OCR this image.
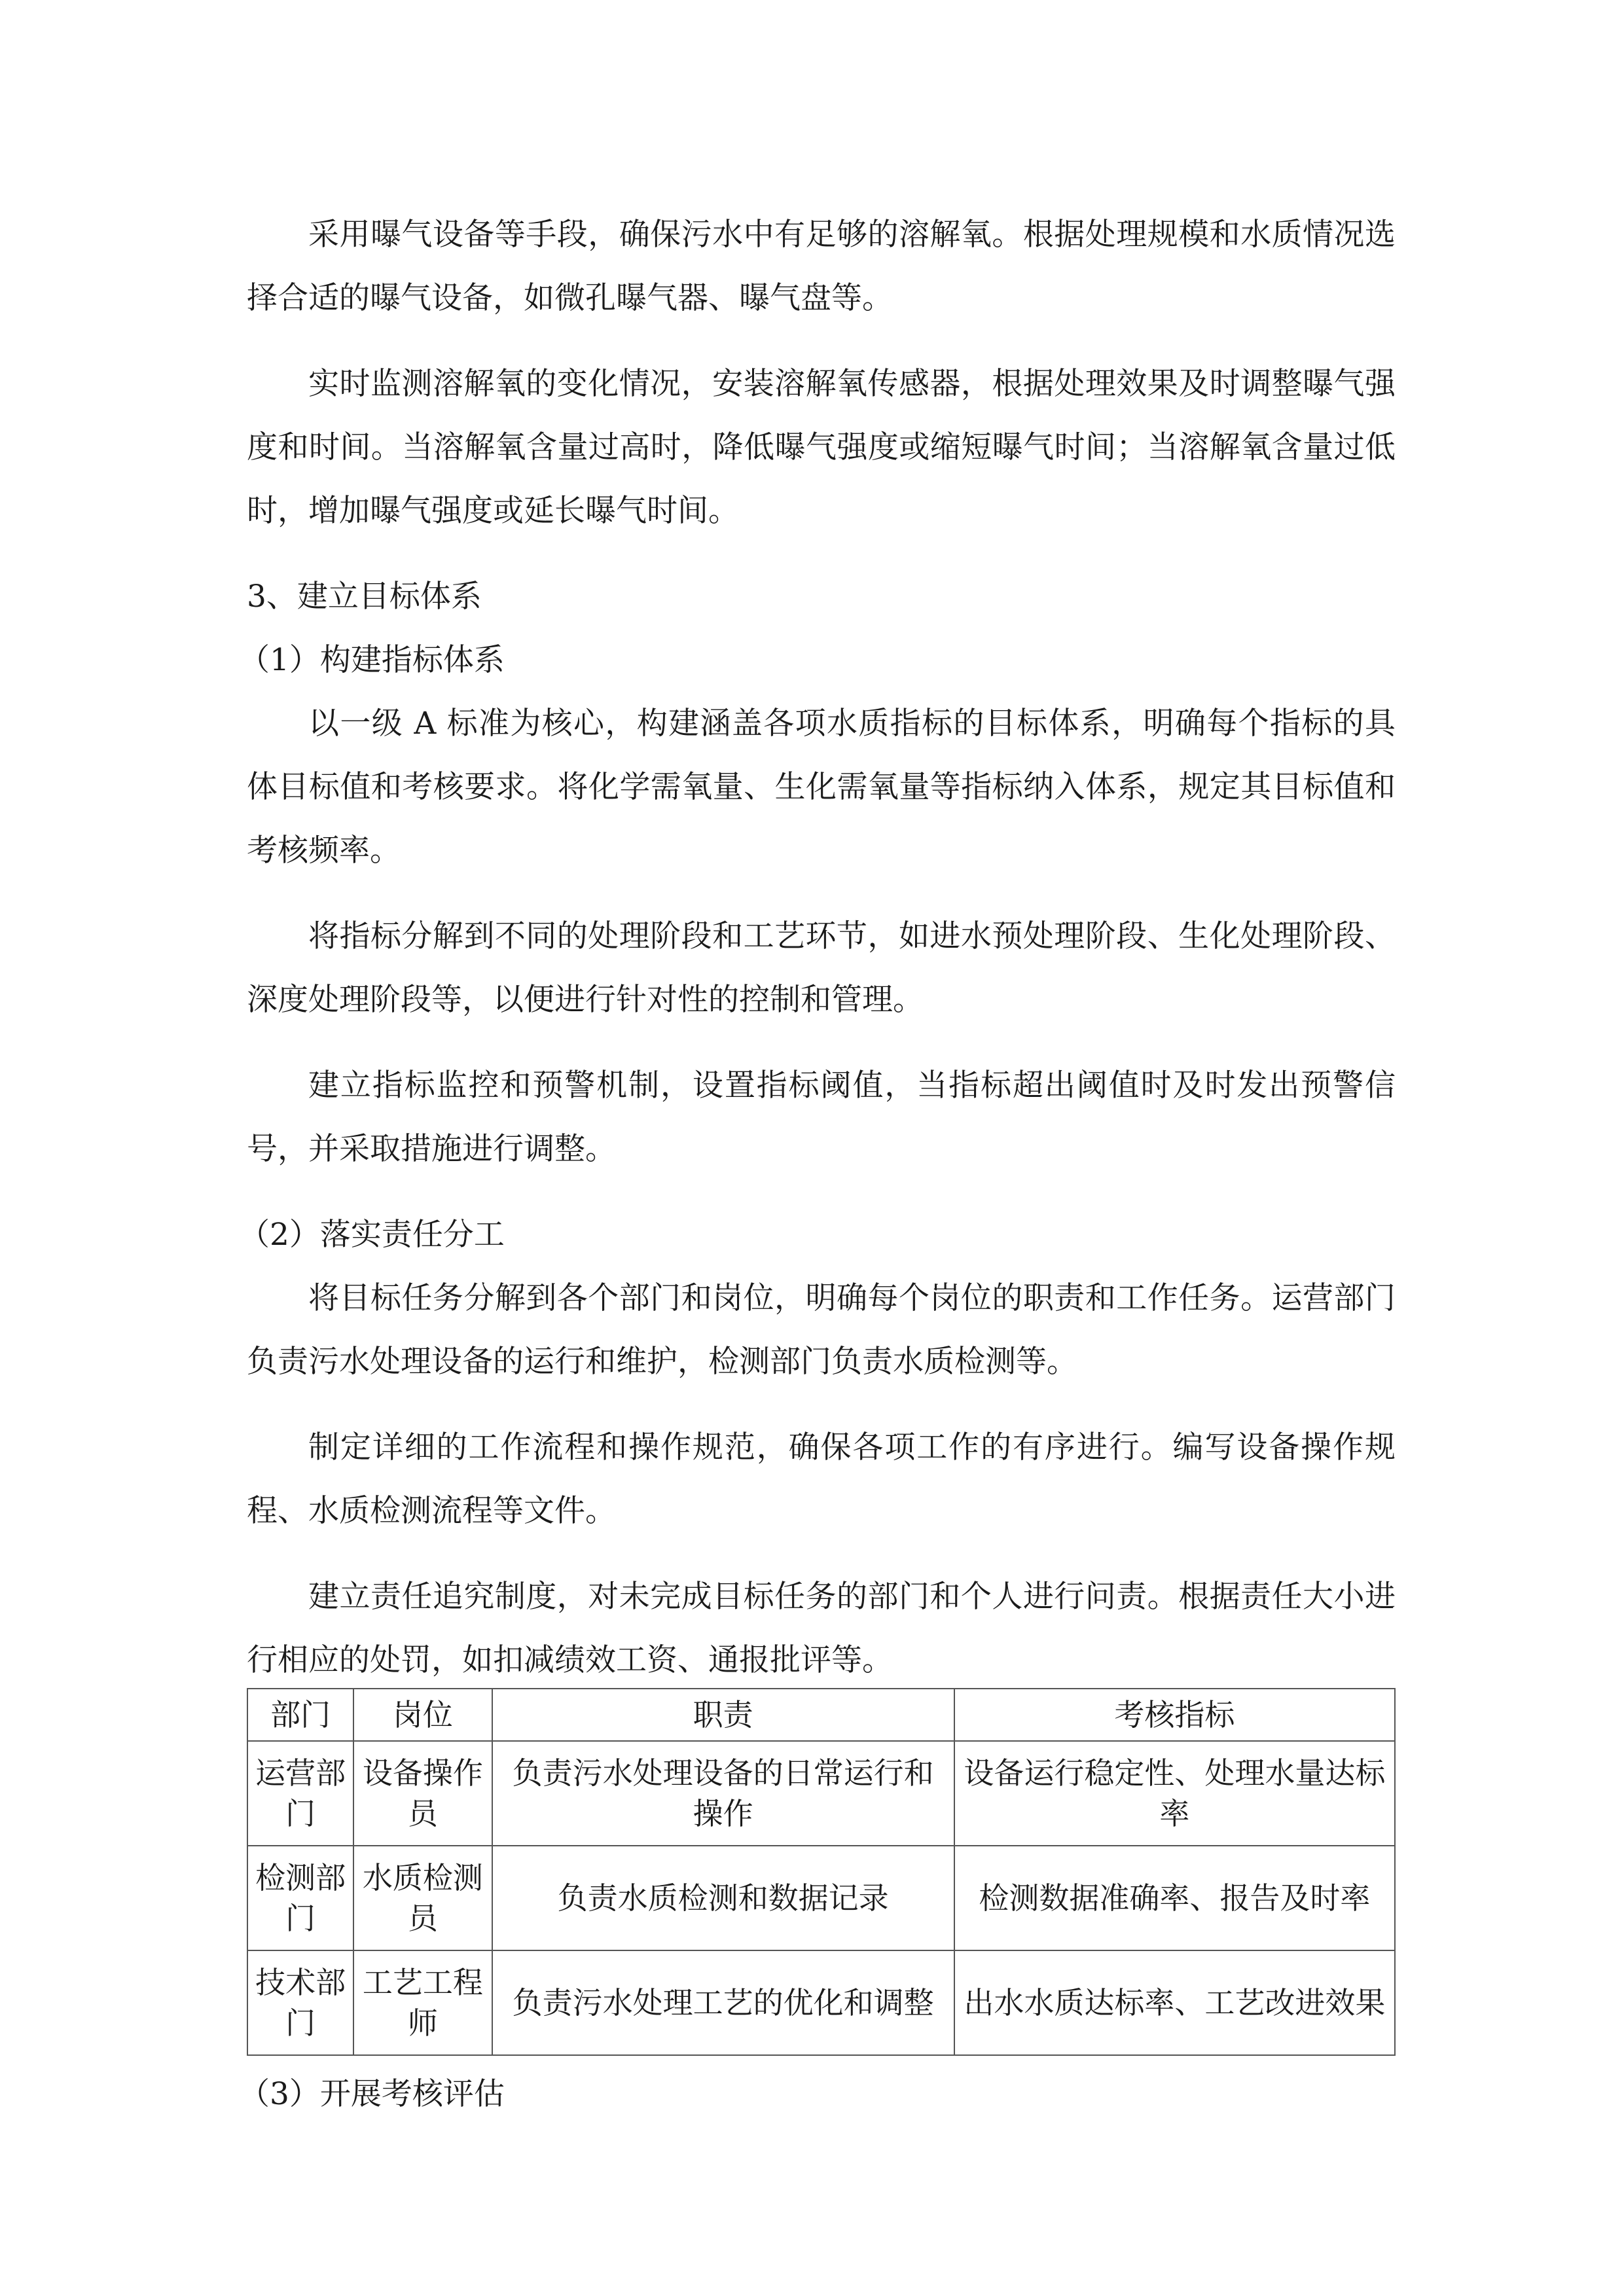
采用曝气设备等手段，确保污水中有足够的溶解氧。根据处理规模和水质情况选择合适的曝气设备，如微孔曝气器、曝气盘等。

实时监测溶解氧的变化情况，安装溶解氧传感器，根据处理效果及时调整曝气强度和时间。当溶解氧含量过高时，降低曝气强度或缩短曝气时间；当溶解氧含量过低时，增加曝气强度或延长曝气时间。

3、建立目标体系

（1）构建指标体系

以一级 A 标准为核心，构建涵盖各项水质指标的目标体系，明确每个指标的具体目标值和考核要求。将化学需氧量、生化需氧量等指标纳入体系，规定其目标值和考核频率。

将指标分解到不同的处理阶段和工艺环节，如进水预处理阶段、生化处理阶段、深度处理阶段等，以便进行针对性的控制和管理。

建立指标监控和预警机制，设置指标阈值，当指标超出阈值时及时发出预警信号，并采取措施进行调整。

（2）落实责任分工

将目标任务分解到各个部门和岗位，明确每个岗位的职责和工作任务。运营部门负责污水处理设备的运行和维护，检测部门负责水质检测等。

制定详细的工作流程和操作规范，确保各项工作的有序进行。编写设备操作规程、水质检测流程等文件。

建立责任追究制度，对未完成目标任务的部门和个人进行问责。根据责任大小进行相应的处罚，如扣减绩效工资、通报批评等。

部门	岗位	职责	考核指标
运营部门	设备操作员	负责污水处理设备的日常运行和操作	设备运行稳定性、处理水量达标率
检测部门	水质检测员	负责水质检测和数据记录	检测数据准确率、报告及时率
技术部门	工艺工程师	负责污水处理工艺的优化和调整	出水水质达标率、工艺改进效果

（3）开展考核评估
